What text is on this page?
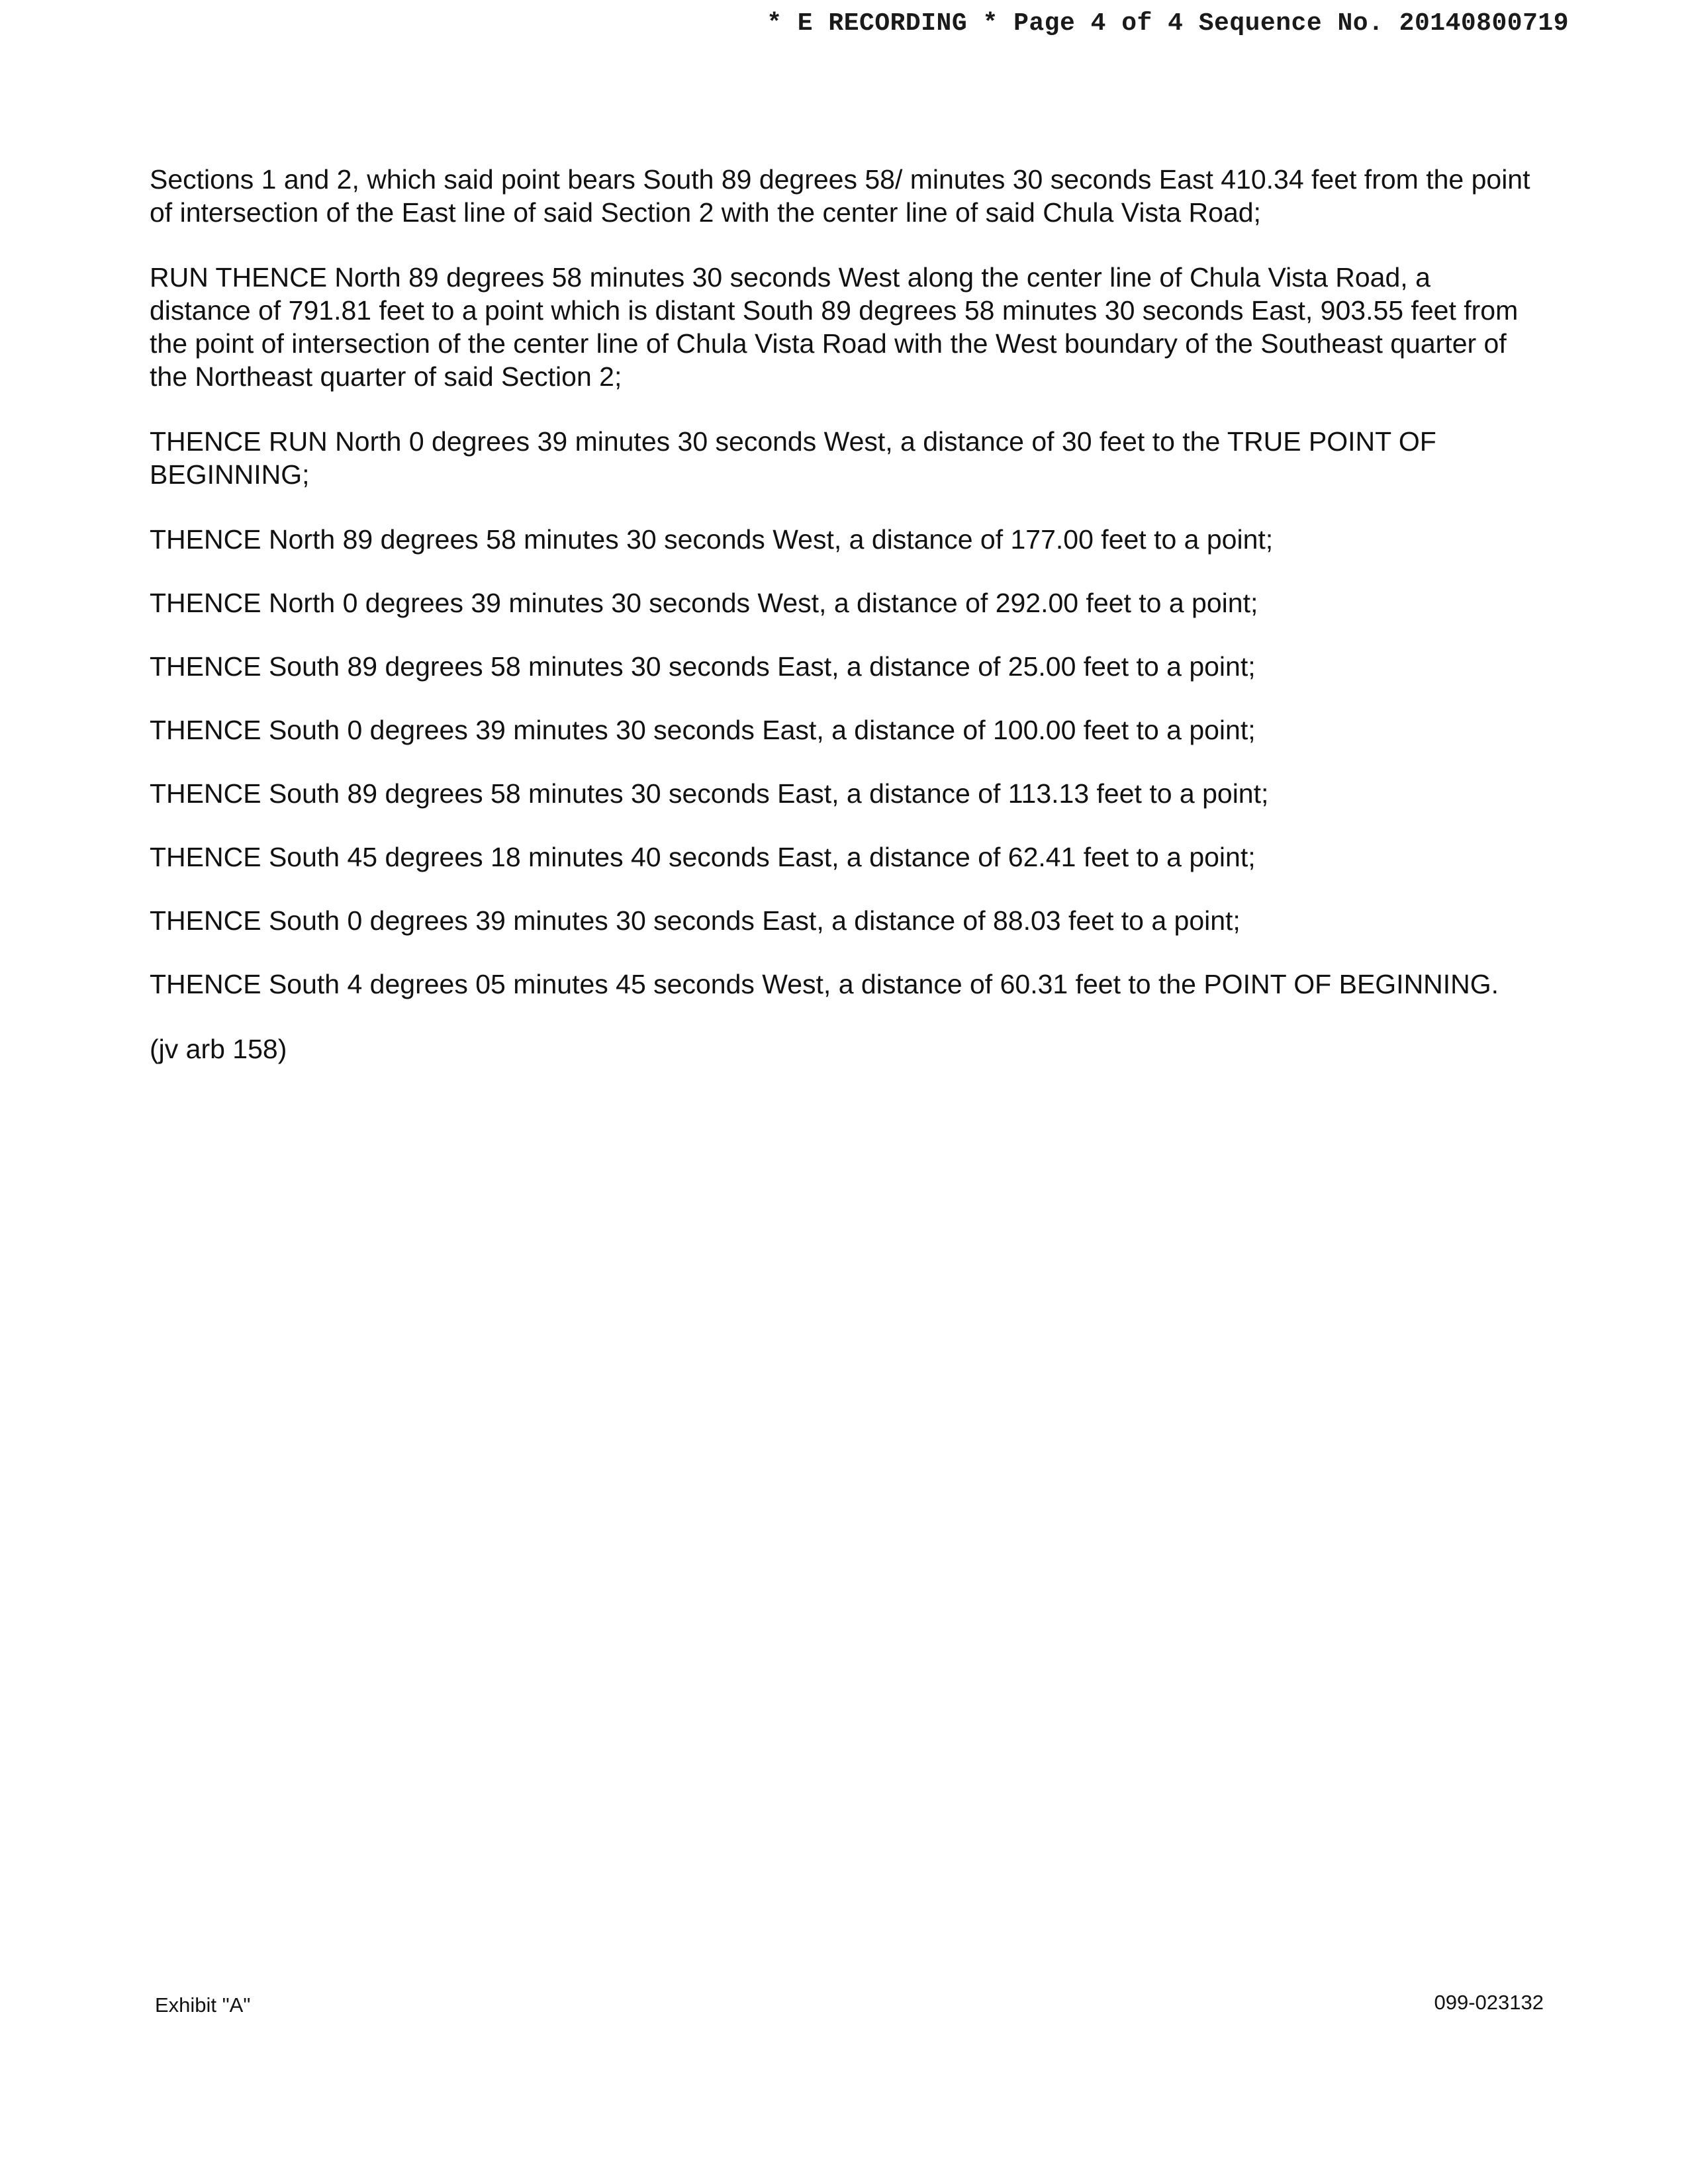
* E RECORDING * Page 4 of 4 Sequence No. 20140800719

Sections 1 and 2, which said point bears South 89 degrees 58/ minutes 30 seconds East 410.34 feet from the point of intersection of the East line of said Section 2 with the center line of said Chula Vista Road;

RUN THENCE North 89 degrees 58 minutes 30 seconds West along the center line of Chula Vista Road, a distance of 791.81 feet to a point which is distant South 89 degrees 58 minutes 30 seconds East, 903.55 feet from the point of intersection of the center line of Chula Vista Road with the West boundary of the Southeast quarter of the Northeast quarter of said Section 2;

THENCE RUN North 0 degrees 39 minutes 30 seconds West, a distance of 30 feet to the TRUE POINT OF BEGINNING;

THENCE North 89 degrees 58 minutes 30 seconds West, a distance of 177.00 feet to a point;

THENCE North 0 degrees 39 minutes 30 seconds West, a distance of 292.00 feet to a point;

THENCE South 89 degrees 58 minutes 30 seconds East, a distance of 25.00 feet to a point;

THENCE South 0 degrees 39 minutes 30 seconds East, a distance of 100.00 feet to a point;

THENCE South 89 degrees 58 minutes 30 seconds East, a distance of 113.13 feet to a point;

THENCE South 45 degrees 18 minutes 40 seconds East, a distance of 62.41 feet to a point;

THENCE South 0 degrees 39 minutes 30 seconds East, a distance of 88.03 feet to a point;

THENCE South 4 degrees 05 minutes 45 seconds West, a distance of 60.31 feet to the POINT OF BEGINNING.

(jv arb 158)

Exhibit "A"	099-023132
